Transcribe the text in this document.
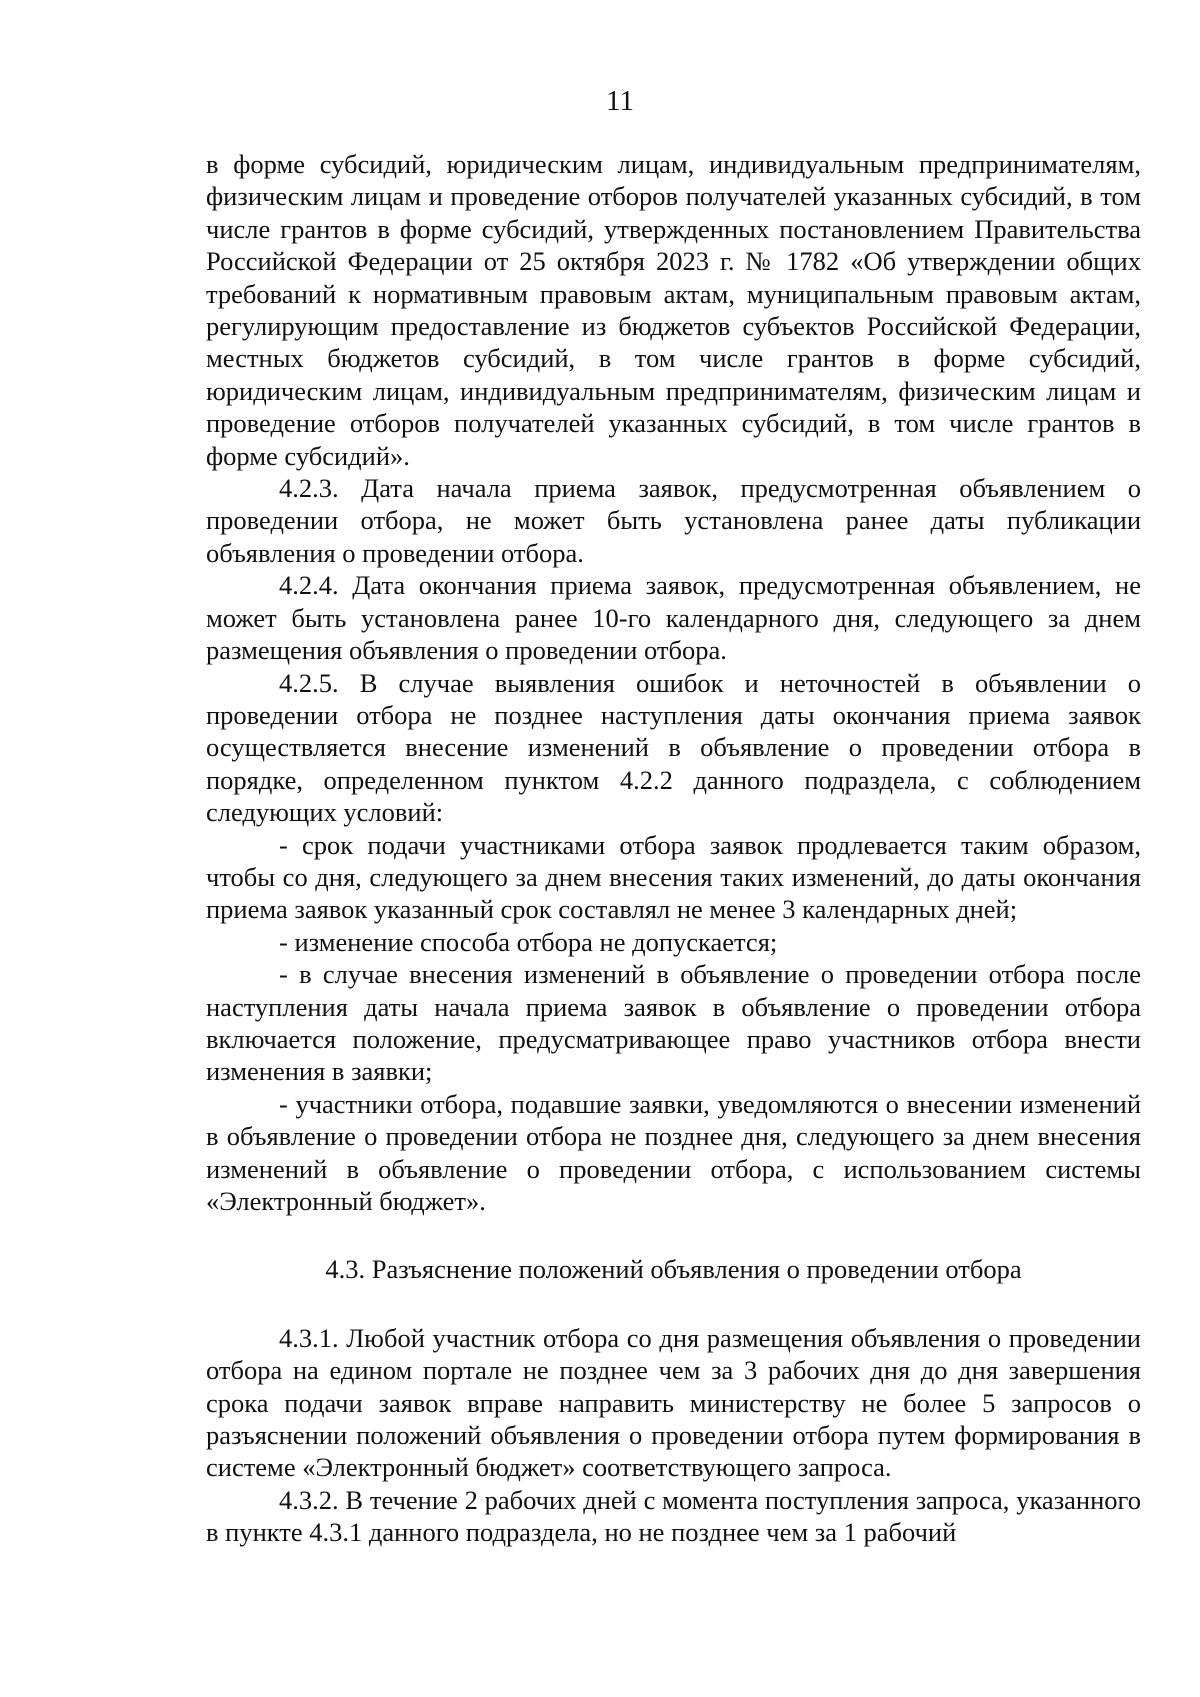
11

в форме субсидий, юридическим лицам, индивидуальным предпринимателям, физическим лицам и проведение отборов получателей указанных субсидий, в том числе грантов в форме субсидий, утвержденных постановлением Правительства Российской Федерации от 25 октября 2023 г. № 1782 «Об утверждении общих требований к нормативным правовым актам, муниципальным правовым актам, регулирующим предоставление из бюджетов субъектов Российской Федерации, местных бюджетов субсидий, в том числе грантов в форме субсидий, юридическим лицам, индивидуальным предпринимателям, физическим лицам и проведение отборов получателей указанных субсидий, в том числе грантов в форме субсидий».

4.2.3. Дата начала приема заявок, предусмотренная объявлением о проведении отбора, не может быть установлена ранее даты публикации объявления о проведении отбора.

4.2.4. Дата окончания приема заявок, предусмотренная объявлением, не может быть установлена ранее 10-го календарного дня, следующего за днем размещения объявления о проведении отбора.

4.2.5. В случае выявления ошибок и неточностей в объявлении о проведении отбора не позднее наступления даты окончания приема заявок осуществляется внесение изменений в объявление о проведении отбора в порядке, определенном пунктом 4.2.2 данного подраздела, с соблюдением следующих условий:

- срок подачи участниками отбора заявок продлевается таким образом, чтобы со дня, следующего за днем внесения таких изменений, до даты окончания приема заявок указанный срок составлял не менее 3 календарных дней;

- изменение способа отбора не допускается;

- в случае внесения изменений в объявление о проведении отбора после наступления даты начала приема заявок в объявление о проведении отбора включается положение, предусматривающее право участников отбора внести изменения в заявки;

- участники отбора, подавшие заявки, уведомляются о внесении изменений в объявление о проведении отбора не позднее дня, следующего за днем внесения изменений в объявление о проведении отбора, с использованием системы «Электронный бюджет».

4.3. Разъяснение положений объявления о проведении отбора

4.3.1. Любой участник отбора со дня размещения объявления о проведении отбора на едином портале не позднее чем за 3 рабочих дня до дня завершения срока подачи заявок вправе направить министерству не более 5 запросов о разъяснении положений объявления о проведении отбора путем формирования в системе «Электронный бюджет» соответствующего запроса.

4.3.2. В течение 2 рабочих дней с момента поступления запроса, указанного в пункте 4.3.1 данного подраздела, но не позднее чем за 1 рабочий
